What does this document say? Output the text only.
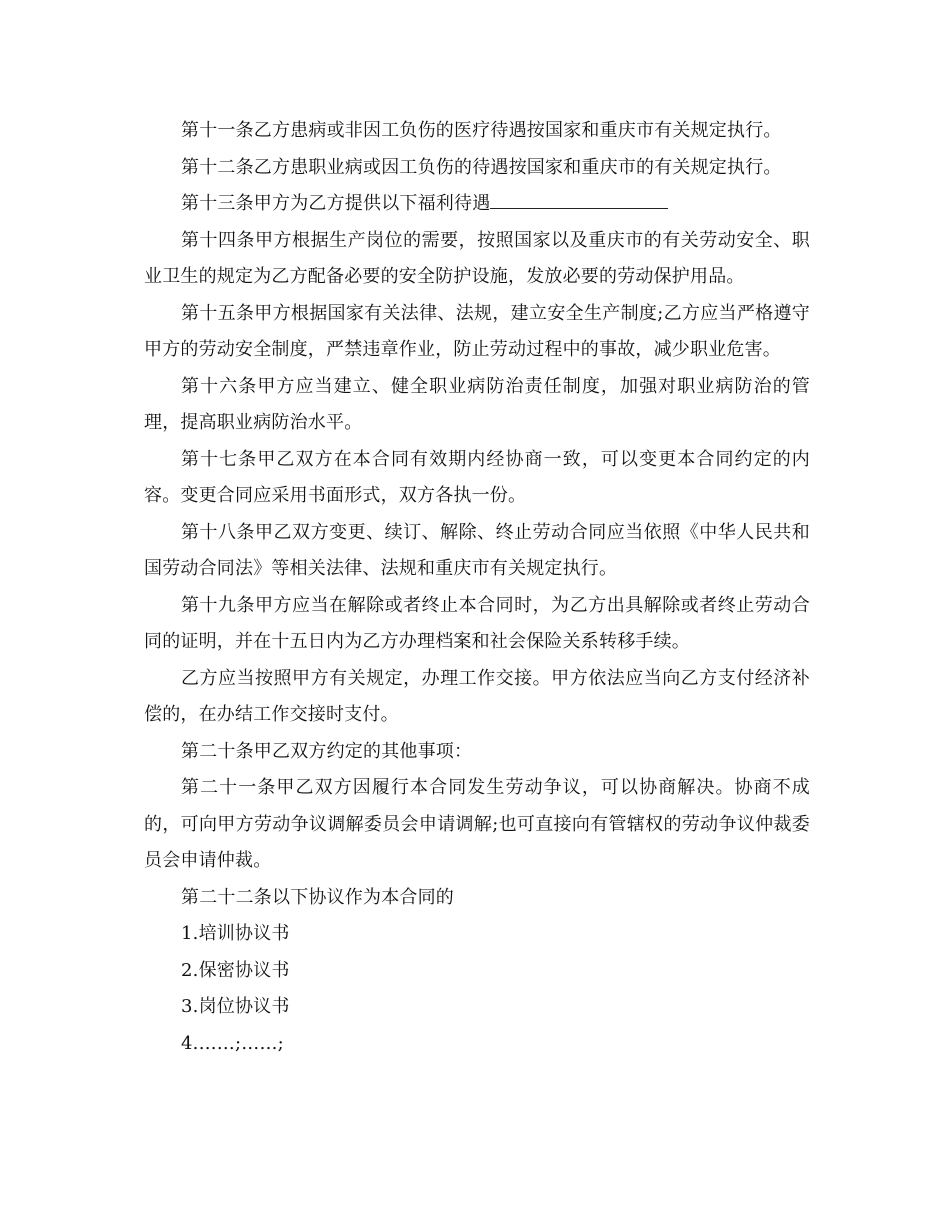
第十一条乙方患病或非因工负伤的医疗待遇按国家和重庆市有关规定执行。

第十二条乙方患职业病或因工负伤的待遇按国家和重庆市的有关规定执行。

第十三条甲方为乙方提供以下福利待遇

第十四条甲方根据生产岗位的需要，按照国家以及重庆市的有关劳动安全、职业卫生的规定为乙方配备必要的安全防护设施，发放必要的劳动保护用品。

第十五条甲方根据国家有关法律、法规，建立安全生产制度;乙方应当严格遵守甲方的劳动安全制度，严禁违章作业，防止劳动过程中的事故，减少职业危害。

第十六条甲方应当建立、健全职业病防治责任制度，加强对职业病防治的管理，提高职业病防治水平。

第十七条甲乙双方在本合同有效期内经协商一致，可以变更本合同约定的内容。变更合同应采用书面形式，双方各执一份。

第十八条甲乙双方变更、续订、解除、终止劳动合同应当依照《中华人民共和国劳动合同法》等相关法律、法规和重庆市有关规定执行。

第十九条甲方应当在解除或者终止本合同时，为乙方出具解除或者终止劳动合同的证明，并在十五日内为乙方办理档案和社会保险关系转移手续。

乙方应当按照甲方有关规定，办理工作交接。甲方依法应当向乙方支付经济补偿的，在办结工作交接时支付。

第二十条甲乙双方约定的其他事项：

第二十一条甲乙双方因履行本合同发生劳动争议，可以协商解决。协商不成的，可向甲方劳动争议调解委员会申请调解;也可直接向有管辖权的劳动争议仲裁委员会申请仲裁。

第二十二条以下协议作为本合同的

1.培训协议书

2.保密协议书

3.岗位协议书

4.……;……;
